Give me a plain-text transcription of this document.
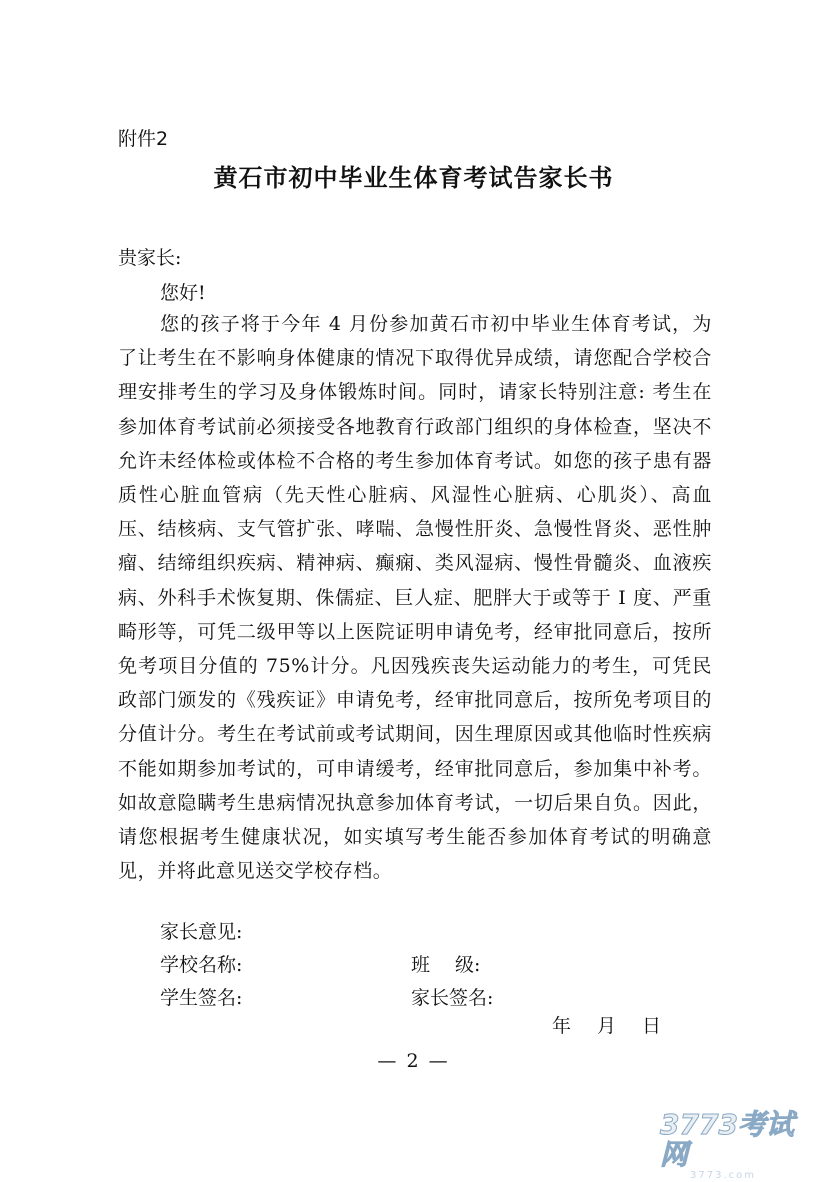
附件2
黄石市初中毕业生体育考试告家长书
贵家长:
您好!
您的孩子将于今年 4 月份参加黄石市初中毕业生体育考试，为了让考生在不影响身体健康的情况下取得优异成绩，请您配合学校合理安排考生的学习及身体锻炼时间。同时，请家长特别注意: 考生在参加体育考试前必须接受各地教育行政部门组织的身体检查，坚决不允许未经体检或体检不合格的考生参加体育考试。如您的孩子患有器质性心脏血管病（先天性心脏病、风湿性心脏病、心肌炎）、高血压、结核病、支气管扩张、哮喘、急慢性肝炎、急慢性肾炎、恶性肿瘤、结缔组织疾病、精神病、癫痫、类风湿病、慢性骨髓炎、血液疾病、外科手术恢复期、侏儒症、巨人症、肥胖大于或等于 I 度、严重畸形等，可凭二级甲等以上医院证明申请免考，经审批同意后，按所免考项目分值的 75%计分。凡因残疾丧失运动能力的考生，可凭民政部门颁发的《残疾证》申请免考，经审批同意后，按所免考项目的分值计分。考生在考试前或考试期间，因生理原因或其他临时性疾病不能如期参加考试的，可申请缓考，经审批同意后，参加集中补考。如故意隐瞒考生患病情况执意参加体育考试，一切后果自负。因此，请您根据考生健康状况，如实填写考生能否参加体育考试的明确意见，并将此意见送交学校存档。
家长意见:
学校名称:	班　 级:
学生签名:	家长签名:
年 月 日
— 2 —
3773考试网
3773.com
